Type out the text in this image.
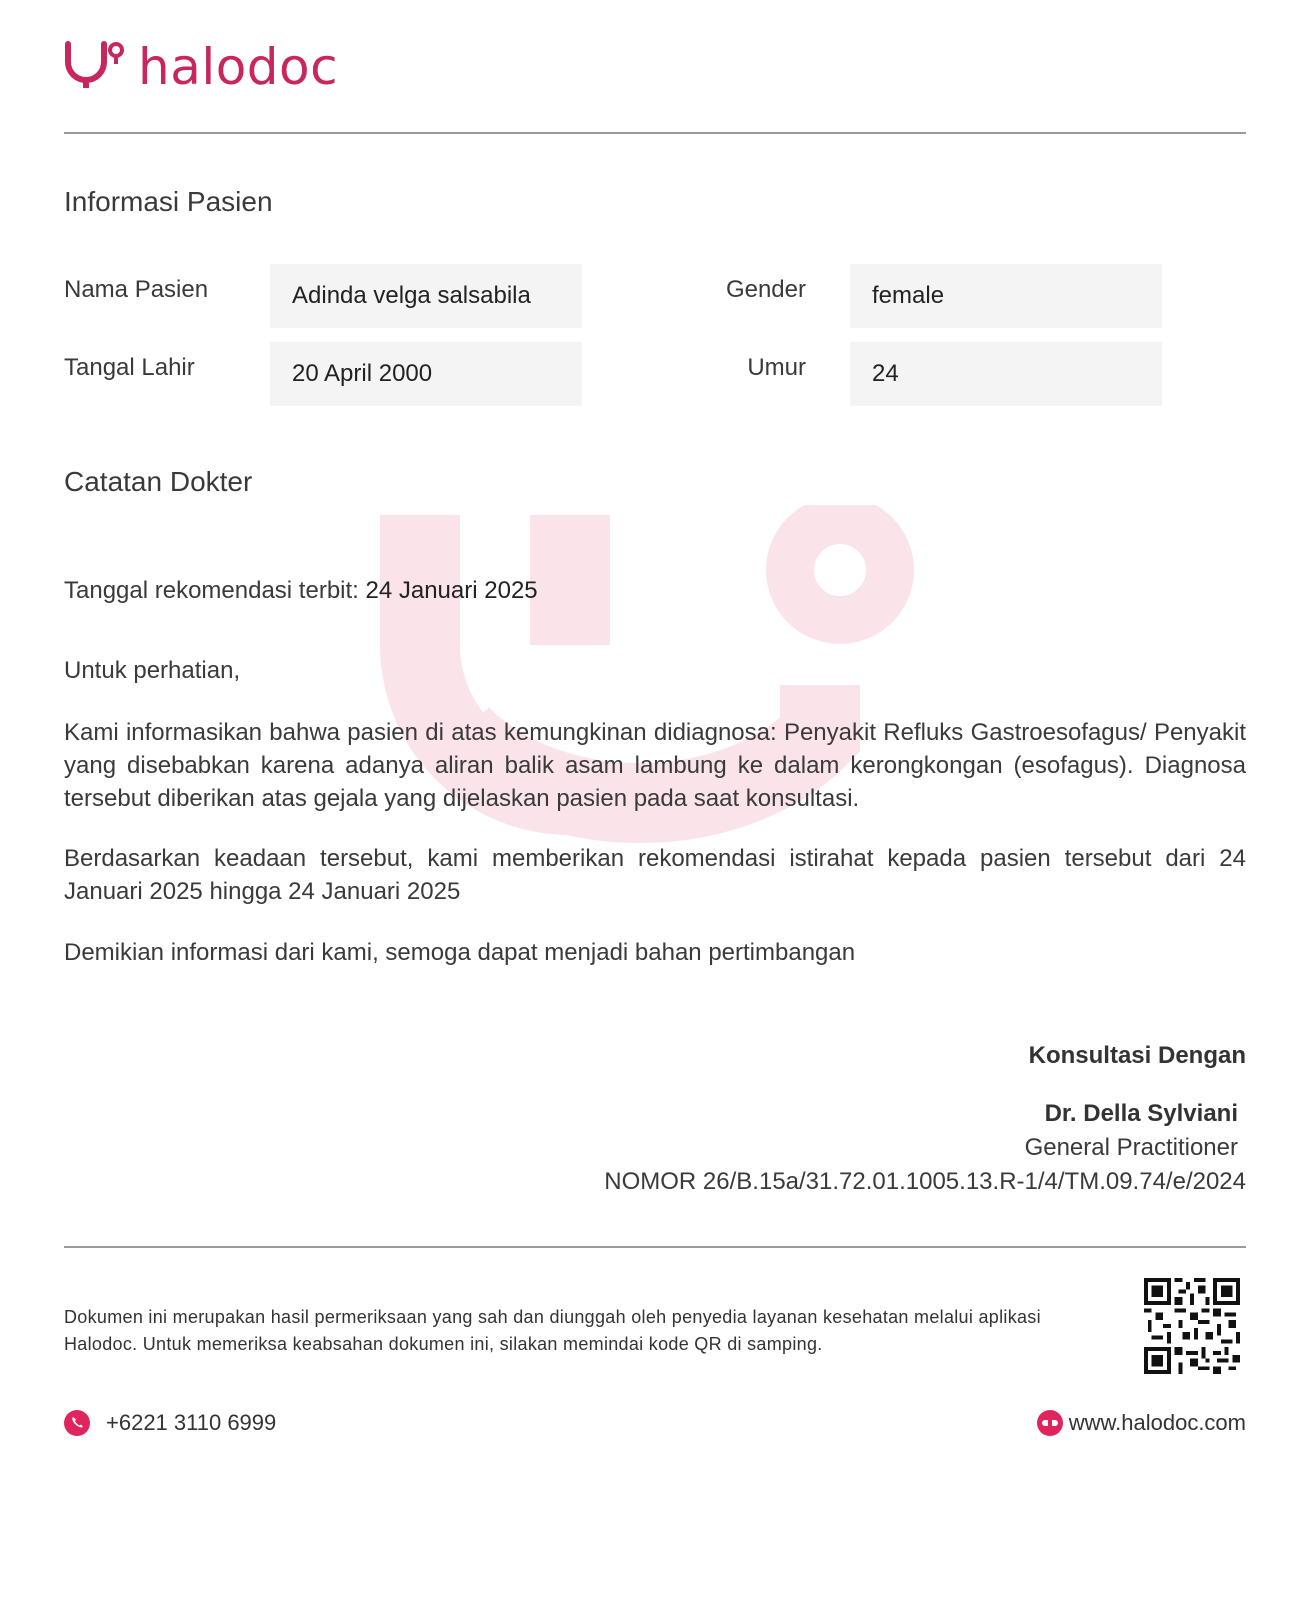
halodoc
Informasi Pasien
Nama Pasien	Adinda velga salsabila	Gender	female
Tangal Lahir	20 April 2000	Umur	24
Catatan Dokter
Tanggal rekomendasi terbit: 24 Januari 2025
Untuk perhatian,
Kami informasikan bahwa pasien di atas kemungkinan didiagnosa: Penyakit Refluks Gastroesofagus/ Penyakit yang disebabkan karena adanya aliran balik asam lambung ke dalam kerongkongan (esofagus). Diagnosa tersebut diberikan atas gejala yang dijelaskan pasien pada saat konsultasi.
Berdasarkan keadaan tersebut, kami memberikan rekomendasi istirahat kepada pasien tersebut dari 24 Januari 2025 hingga 24 Januari 2025
Demikian informasi dari kami, semoga dapat menjadi bahan pertimbangan
Konsultasi Dengan
Dr. Della Sylviani
General Practitioner
NOMOR 26/B.15a/31.72.01.1005.13.R-1/4/TM.09.74/e/2024
Dokumen ini merupakan hasil permeriksaan yang sah dan diunggah oleh penyedia layanan kesehatan melalui aplikasi Halodoc. Untuk memeriksa keabsahan dokumen ini, silakan memindai kode QR di samping.
+6221 3110 6999	www.halodoc.com
